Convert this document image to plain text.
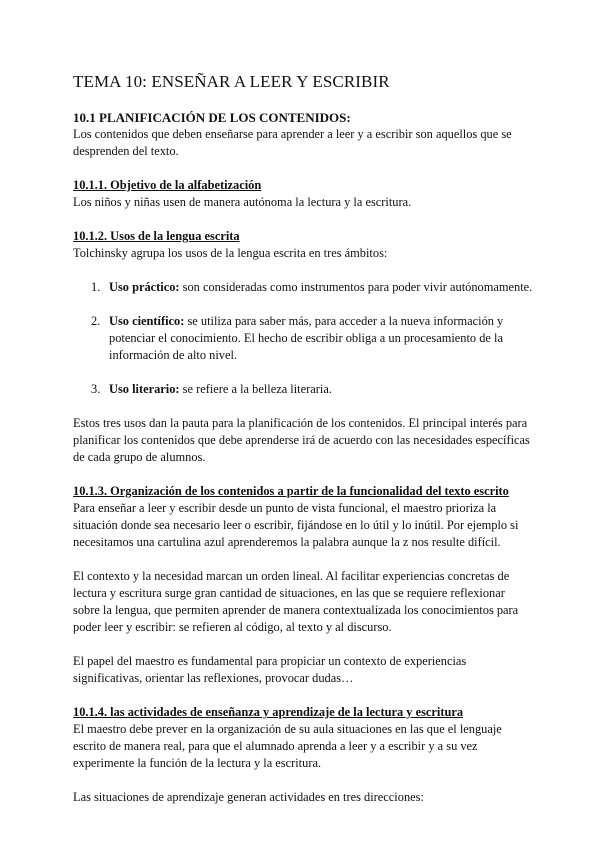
TEMA 10: ENSEÑAR A LEER Y ESCRIBIR

10.1 PLANIFICACIÓN DE LOS CONTENIDOS:

Los contenidos que deben enseñarse para aprender a leer y a escribir son aquellos que se desprenden del texto.

10.1.1. Objetivo de la alfabetización

Los niños y niñas usen de manera autónoma la lectura y la escritura.

10.1.2. Usos de la lengua escrita

Tolchinsky agrupa los usos de la lengua escrita en tres ámbitos:

1. Uso práctico: son consideradas como instrumentos para poder vivir autónomamente.
2. Uso científico: se utiliza para saber más, para acceder a la nueva información y potenciar el conocimiento. El hecho de escribir obliga a un procesamiento de la información de alto nivel.
3. Uso literario: se refiere a la belleza literaria.

Estos tres usos dan la pauta para la planificación de los contenidos. El principal interés para planificar los contenidos que debe aprenderse irá de acuerdo con las necesidades específicas de cada grupo de alumnos.

10.1.3. Organización de los contenidos a partir de la funcionalidad del texto escrito

Para enseñar a leer y escribir desde un punto de vista funcional, el maestro prioriza la situación donde sea necesario leer o escribir, fijándose en lo útil y lo inútil. Por ejemplo si necesitamos una cartulina azul aprenderemos la palabra aunque la z nos resulte difícil.

El contexto y la necesidad marcan un orden lineal. Al facilitar experiencias concretas de lectura y escritura surge gran cantidad de situaciones, en las que se requiere reflexionar sobre la lengua, que permiten aprender de manera contextualizada los conocimientos para poder leer y escribir: se refieren al código, al texto y al discurso.

El papel del maestro es fundamental para propiciar un contexto de experiencias significativas, orientar las reflexiones, provocar dudas…

10.1.4. las actividades de enseñanza y aprendizaje de la lectura y escritura

El maestro debe prever en la organización de su aula situaciones en las que el lenguaje escrito de manera real, para que el alumnado aprenda a leer y a escribir y a su vez experimente la función de la lectura y la escritura.

Las situaciones de aprendizaje generan actividades en tres direcciones:
